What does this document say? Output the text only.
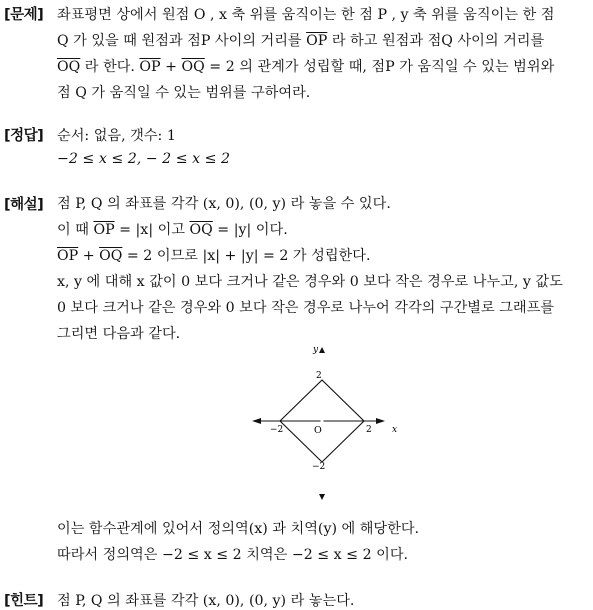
[문제] 좌표평면 상에서 원점 O , x 축 위를 움직이는 한 점 P , y 축 위를 움직이는 한 점
Q 가 있을 때 원점과 점P 사이의 거리를 $\overline{OP}$ 라 하고 원점과 점Q 사이의 거리를
$\overline{OQ}$ 라 한다. $\overline{OP} + \overline{OQ} = 2$ 의 관계가 성립할 때, 점P 가 움직일 수 있는 범위와
점 Q 가 움직일 수 있는 범위를 구하여라.
[정답] 순서: 없음, 갯수: 1
−2 ≤ x ≤ 2, − 2 ≤ x ≤ 2
[해설] 점 P, Q 의 좌표를 각각 (x, 0), (0, y) 라 놓을 수 있다.
이 때 $\overline{OP} = |x|$ 이고 $\overline{OQ} = |y|$ 이다.
$\overline{OP} + \overline{OQ} = 2$ 이므로 |x| + |y| = 2 가 성립한다.
x, y 에 대해 x 값이 0 보다 크거나 같은 경우와 0 보다 작은 경우로 나누고, y 값도
0 보다 크거나 같은 경우와 0 보다 작은 경우로 나누어 각각의 구간별로 그래프를
그리면 다음과 같다.
y
2
−2	O	2 x
−2
이는 함수관계에 있어서 정의역(x) 과 치역(y) 에 해당한다.
따라서 정의역은 −2 ≤ x ≤ 2 치역은 −2 ≤ x ≤ 2 이다.
[힌트] 점 P, Q 의 좌표를 각각 (x, 0), (0, y) 라 놓는다.
